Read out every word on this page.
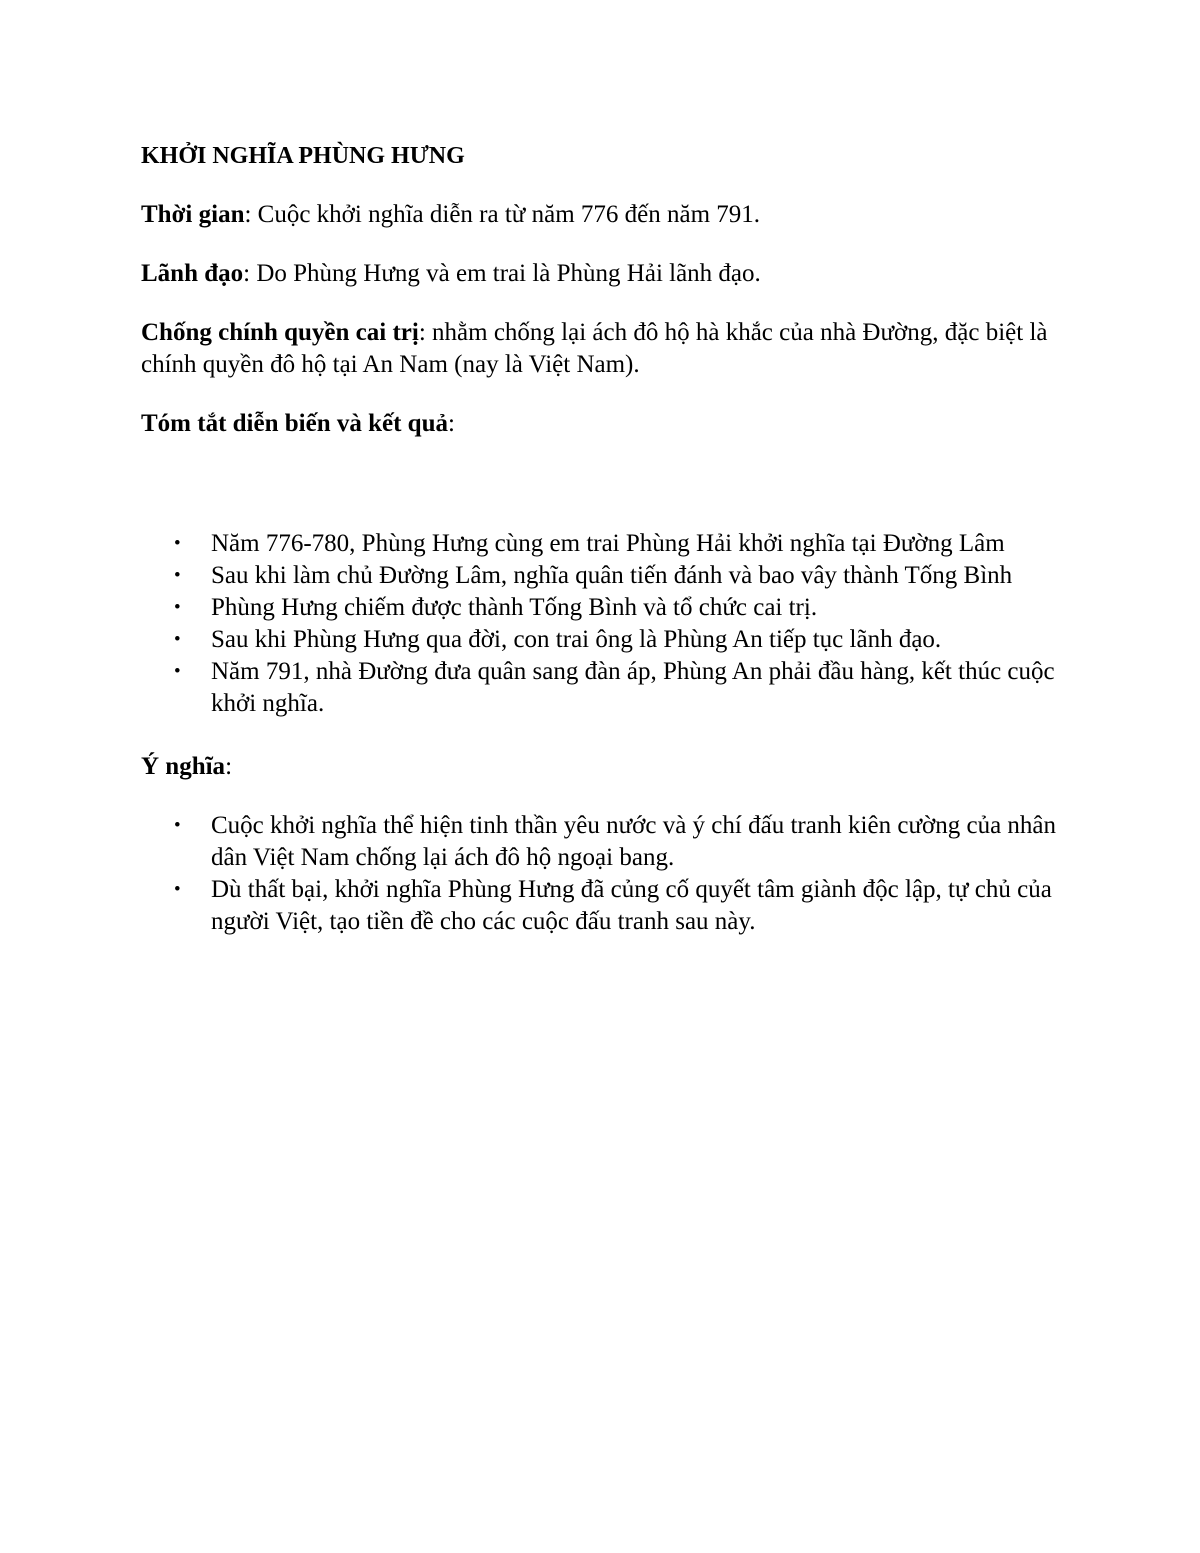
KHỞI NGHĨA PHÙNG HƯNG
Thời gian: Cuộc khởi nghĩa diễn ra từ năm 776 đến năm 791.
Lãnh đạo: Do Phùng Hưng và em trai là Phùng Hải lãnh đạo.
Chống chính quyền cai trị: nhằm chống lại ách đô hộ hà khắc của nhà Đường, đặc biệt là chính quyền đô hộ tại An Nam (nay là Việt Nam).
Tóm tắt diễn biến và kết quả:
•	Năm 776-780, Phùng Hưng cùng em trai Phùng Hải khởi nghĩa tại Đường Lâm
•	Sau khi làm chủ Đường Lâm, nghĩa quân tiến đánh và bao vây thành Tống Bình
•	Phùng Hưng chiếm được thành Tống Bình và tổ chức cai trị.
•	Sau khi Phùng Hưng qua đời, con trai ông là Phùng An tiếp tục lãnh đạo.
•	Năm 791, nhà Đường đưa quân sang đàn áp, Phùng An phải đầu hàng, kết thúc cuộc khởi nghĩa.
Ý nghĩa:
•	Cuộc khởi nghĩa thể hiện tinh thần yêu nước và ý chí đấu tranh kiên cường của nhân dân Việt Nam chống lại ách đô hộ ngoại bang.
•	Dù thất bại, khởi nghĩa Phùng Hưng đã củng cố quyết tâm giành độc lập, tự chủ của người Việt, tạo tiền đề cho các cuộc đấu tranh sau này.
